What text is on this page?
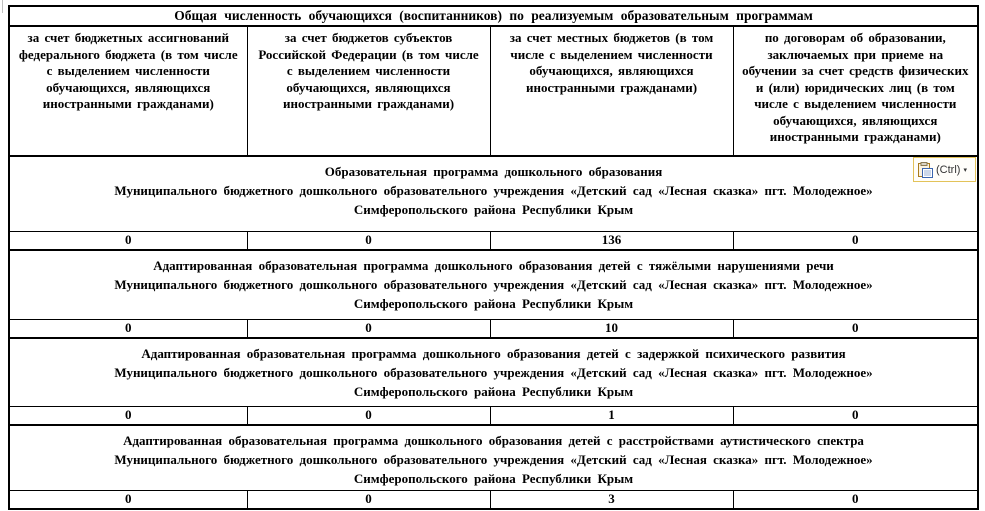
Общая численность обучающихся (воспитанников) по реализуемым образовательным программам			
за счет бюджетных ассигнований федерального бюджета (в том числе с выделением численности обучающихся, являющихся иностранными гражданами)	за счет бюджетов субъектов Российской Федерации (в том числе с выделением численности обучающихся, являющихся иностранными гражданами)	за счет местных бюджетов (в том числе с выделением численности обучающихся, являющихся иностранными гражданами)	по договорам об образовании, заключаемых при приеме на обучении за счет средств физических и (или) юридических лиц (в том числе с выделением численности обучающихся, являющихся иностранными гражданами)

Образовательная программа дошкольного образования
Муниципального бюджетного дошкольного образовательного учреждения «Детский сад «Лесная сказка» пгт. Молодежное»
Симферопольского района Республики Крым			

0	0	136	0

Адаптированная образовательная программа дошкольного образования детей с тяжёлыми нарушениями речи
Муниципального бюджетного дошкольного образовательного учреждения «Детский сад «Лесная сказка» пгт. Молодежное»
Симферопольского района Республики Крым			

0	0	10	0

Адаптированная образовательная программа дошкольного образования детей с задержкой психического развития
Муниципального бюджетного дошкольного образовательного учреждения «Детский сад «Лесная сказка» пгт. Молодежное»
Симферопольского района Республики Крым			

0	0	1	0

Адаптированная образовательная программа дошкольного образования детей с расстройствами аутистического спектра
Муниципального бюджетного дошкольного образовательного учреждения «Детский сад «Лесная сказка» пгт. Молодежное»
Симферопольского района Республики Крым			

0	0	3	0
(Ctrl) ▾
